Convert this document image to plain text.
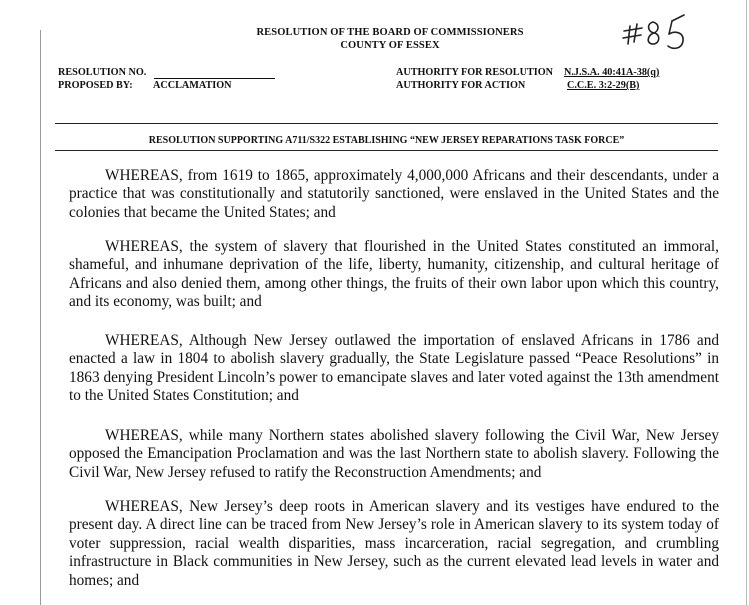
RESOLUTION OF THE BOARD OF COMMISSIONERS
COUNTY OF ESSEX
RESOLUTION NO.
PROPOSED BY: ACCLAMATION
AUTHORITY FOR RESOLUTION N.J.S.A. 40:41A-38(q)
AUTHORITY FOR ACTION	C.C.E. 3:2-29(B)
RESOLUTION SUPPORTING A711/S322 ESTABLISHING “NEW JERSEY REPARATIONS TASK FORCE”

WHEREAS, from 1619 to 1865, approximately 4,000,000 Africans and their descendants, under a practice that was constitutionally and statutorily sanctioned, were enslaved in the United States and the colonies that became the United States; and

WHEREAS, the system of slavery that flourished in the United States constituted an immoral, shameful, and inhumane deprivation of the life, liberty, humanity, citizenship, and cultural heritage of Africans and also denied them, among other things, the fruits of their own labor upon which this country, and its economy, was built; and

WHEREAS, Although New Jersey outlawed the importation of enslaved Africans in 1786 and enacted a law in 1804 to abolish slavery gradually, the State Legislature passed “Peace Resolutions” in 1863 denying President Lincoln’s power to emancipate slaves and later voted against the 13th amendment to the United States Constitution; and

WHEREAS, while many Northern states abolished slavery following the Civil War, New Jersey opposed the Emancipation Proclamation and was the last Northern state to abolish slavery. Following the Civil War, New Jersey refused to ratify the Reconstruction Amendments; and

WHEREAS, New Jersey’s deep roots in American slavery and its vestiges have endured to the present day. A direct line can be traced from New Jersey’s role in American slavery to its system today of voter suppression, racial wealth disparities, mass incarceration, racial segregation, and crumbling infrastructure in Black communities in New Jersey, such as the current elevated lead levels in water and homes; and
